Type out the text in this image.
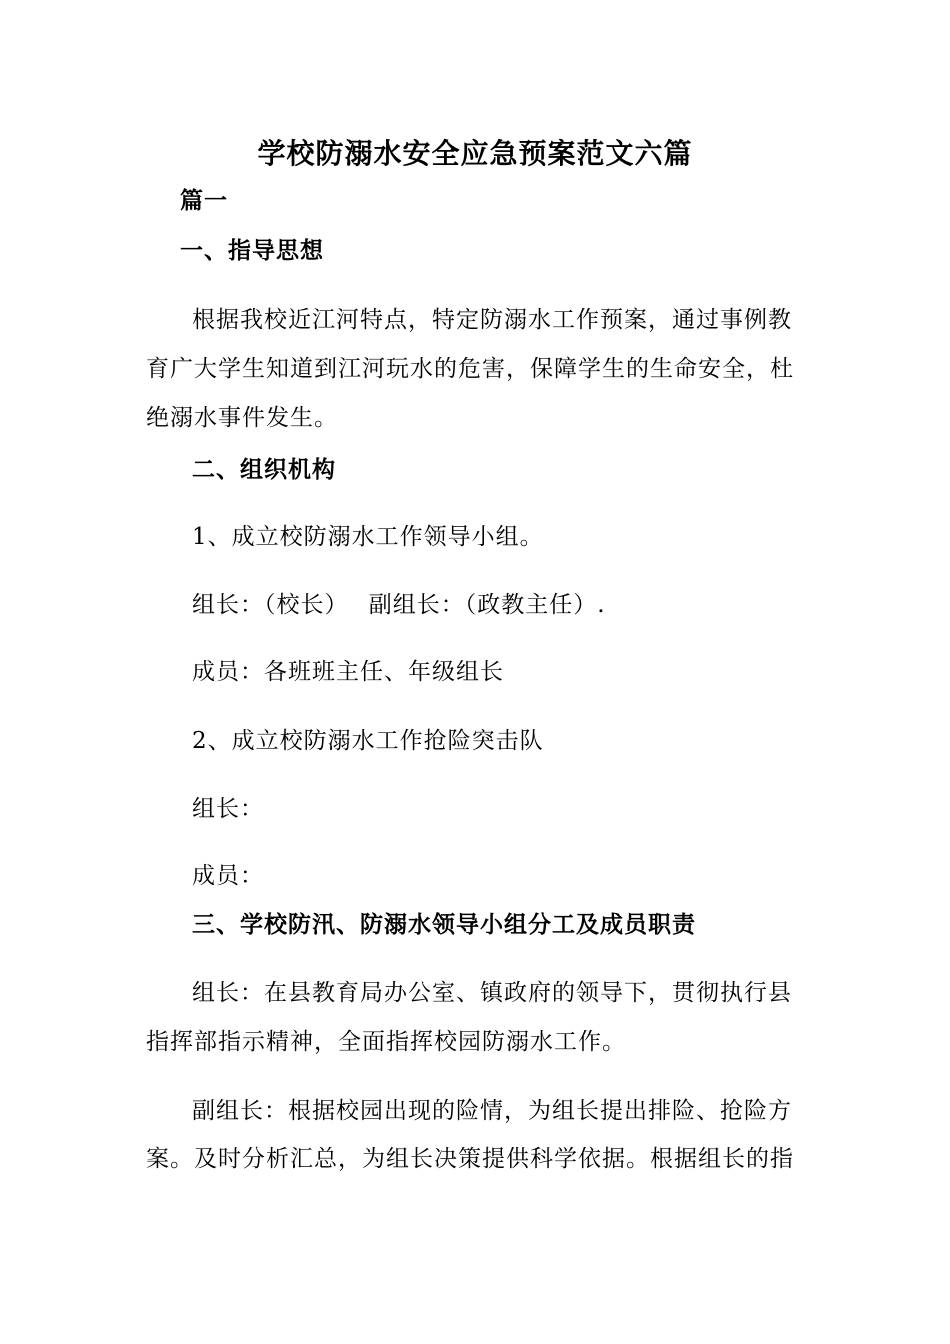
学校防溺水安全应急预案范文六篇

篇一

一、指导思想

根据我校近江河特点，特定防溺水工作预案，通过事例教

育广大学生知道到江河玩水的危害，保障学生的生命安全，杜

绝溺水事件发生。

二、组织机构

1、成立校防溺水工作领导小组。

组长：（校长） 副组长：（政教主任）.

成员：各班班主任、年级组长

2、成立校防溺水工作抢险突击队

组长：

成员：

三、学校防汛、防溺水领导小组分工及成员职责

组长：在县教育局办公室、镇政府的领导下，贯彻执行县

指挥部指示精神，全面指挥校园防溺水工作。

副组长：根据校园出现的险情，为组长提出排险、抢险方

案。及时分析汇总，为组长决策提供科学依据。根据组长的指
